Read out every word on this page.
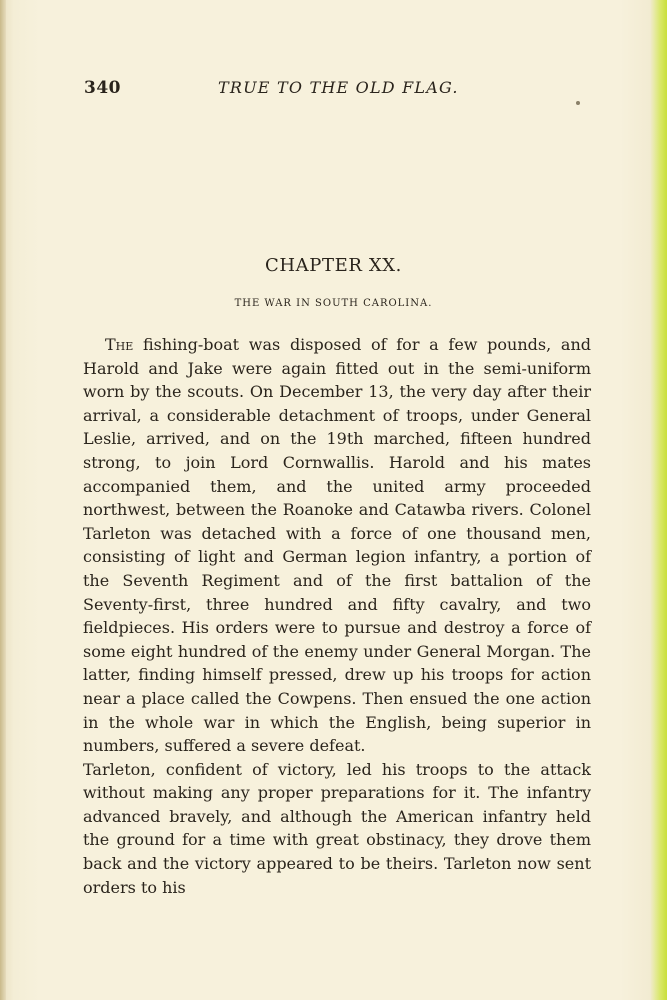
340	TRUE TO THE OLD FLAG.
CHAPTER XX.
THE WAR IN SOUTH CAROLINA.

The fishing-boat was disposed of for a few pounds, and Harold and Jake were again fitted out in the semi-uniform worn by the scouts. On December 13, the very day after their arrival, a considerable detachment of troops, under General Leslie, arrived, and on the 19th marched, fifteen hundred strong, to join Lord Cornwallis. Harold and his mates accompanied them, and the united army proceeded northwest, between the Roanoke and Catawba rivers. Colonel Tarleton was detached with a force of one thousand men, consisting of light and German legion infantry, a portion of the Seventh Regiment and of the first battalion of the Seventy-first, three hundred and fifty cavalry, and two fieldpieces. His orders were to pursue and destroy a force of some eight hundred of the enemy under General Morgan. The latter, finding himself pressed, drew up his troops for action near a place called the Cowpens. Then ensued the one action in the whole war in which the English, being superior in numbers, suffered a severe defeat.

Tarleton, confident of victory, led his troops to the attack without making any proper preparations for it. The infantry advanced bravely, and although the American infantry held the ground for a time with great obstinacy, they drove them back and the victory appeared to be theirs. Tarleton now sent orders to his
